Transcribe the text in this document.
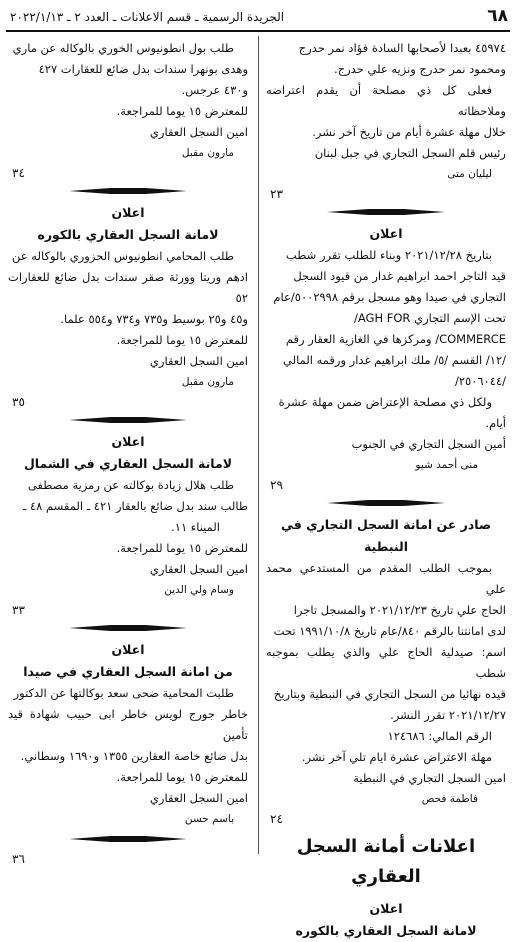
٦٨
الجريدة الرسمية ـ قسم الاعلانات ـ العدد ٢ ـ ٢٠٢٢/١/١٣

٤٥٩٧٤ بعبدا لأصحابها السادة فؤاد نمر حدرج

ومحمود نمر حدرج ونزيه علي حدرج.

فعلى كل ذي مصلحة أن يقدم اعتراضه وملاحظاته

خلال مهلة عشرة أيام من تاريخ آخر نشر.

رئيس قلم السجل التجاري في جبل لبنان

ليليان متى

٢٣

اعلان

بتاريخ ٢٠٢١/١٢/٢٨ وبناء للطلب تقرر شطب

قيد التاجر احمد ابراهيم غدار من قيود السجل

التجاري في صيدا وهو مسجل برقم ٥٠٠٢٩٩٨/عام

تحت الإسم التجاري AGH FOR/

COMMERCE/ ومركزها في الغازية العقار رقم

/١٢/ القسم /٥/ ملك ابراهيم غدار ورقمه المالي

/٢٥٠٦٠٤٤/

ولكل ذي مصلحة الإعتراض ضمن مهلة عشرة

أيام.

أمين السجل التجاري في الجنوب

منى أحمد شيو

٢٩

صادر عن امانة السجل التجاري في النبطية

بموجب الطلب المقدم من المستدعي محمد علي

الحاج علي تاريخ ٢٠٢١/١٢/٢٣ والمسجل تاجرا

لدى امانتنا بالرقم ٨٤٠/عام تاريخ ١٩٩١/١٠/٨ تحت

اسم: صيدلية الحاج علي والذي يطلب بموجبه شطب

قيده نهائيا من السجل التجاري في النبطية وبتاريخ

٢٠٢١/١٢/٢٧ تقرر النشر.

الرقم المالي: ١٢٤٦٨٦

مهلة الاعتراض عشرة ايام تلي آخر نشر.

امين السجل التجاري في النبطية

فاطمة فحص

٢٤
اعلانات أمانة السجل العقاري

اعلان

لامانة السجل العقاري بالكوره

طلب بول انطونيوس الخوري بالوكاله عن ماري

وهدى بونهرا سندات بدل ضائع للعقارات ٤٢٧

و٤٣٠ عرجس.

للمعترض ١٥ يوما للمراجعة.

امين السجل العقاري

مارون مقبل

٣٤

اعلان

لامانة السجل العقاري بالكوره

طلب المحامي انطونيوس الحزوري بالوكاله عن

ادهم وريتا وورثة صقر سندات بدل ضائع للعقارات ٥٢

و٤٥ و٢٥ بوسيط و٧٣٥ و٧٣٤ و٥٥٤ علما.

للمعترض ١٥ يوما للمراجعة.

امين السجل العقاري

مارون مقبل

٣٥

اعلان

لامانة السجل العقاري في الشمال

طلب هلال زيادة بوكالته عن رمزية مصطفى

طالب سند بدل ضائع بالعقار ٤٢١ ـ المقسم ٤٨ ـ

الميناء ١١.

للمعترض ١٥ يوما للمراجعة.

امين السجل العقاري

وسام ولي الدين

٣٣

اعلان

من امانة السجل العقاري في صيدا

طلبت المحامية ضحى سعد بوكالتها عن الدكتور

خاطر جورج لويس خاطر ابى حبيب شهادة قيد تأمين

بدل ضائع خاصة العقارين ١٣٥٥ و١٦٩٠ وسطاني.

للمعترض ١٥ يوما للمراجعة.

امين السجل العقاري

باسم حسن

٣٦
